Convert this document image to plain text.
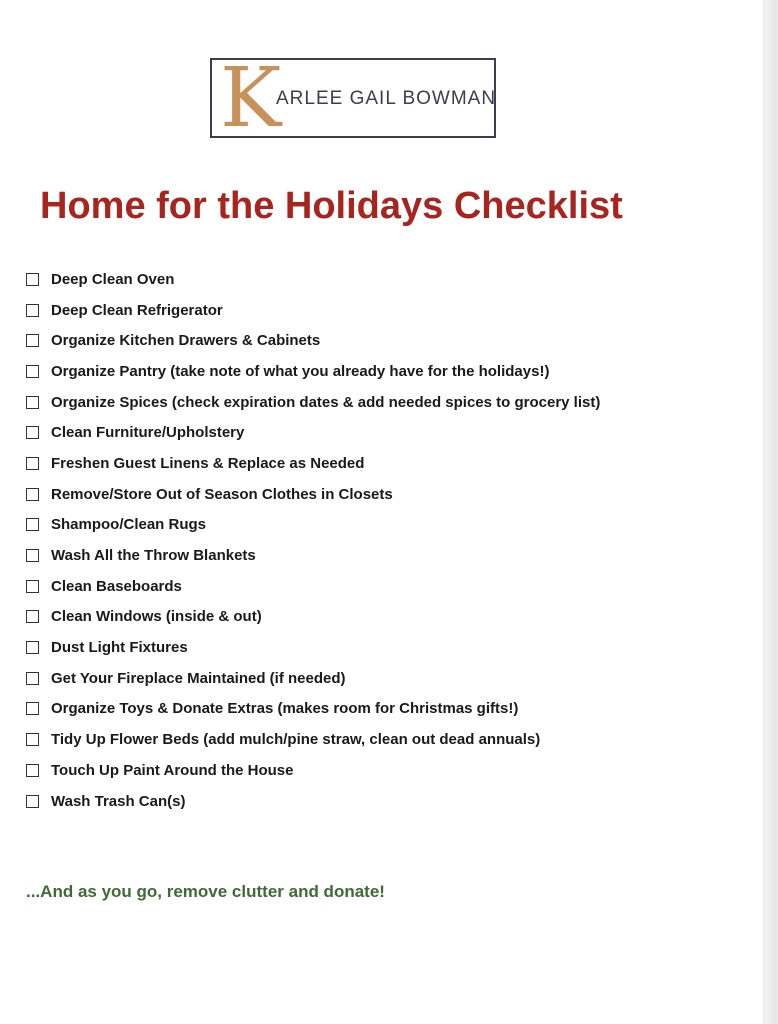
K
ARLEE GAIL BOWMAN
Home for the Holidays Checklist
Deep Clean Oven
Deep Clean Refrigerator
Organize Kitchen Drawers & Cabinets
Organize Pantry (take note of what you already have for the holidays!)
Organize Spices (check expiration dates & add needed spices to grocery list)
Clean Furniture/Upholstery
Freshen Guest Linens & Replace as Needed
Remove/Store Out of Season Clothes in Closets
Shampoo/Clean Rugs
Wash All the Throw Blankets
Clean Baseboards
Clean Windows (inside & out)
Dust Light Fixtures
Get Your Fireplace Maintained (if needed)
Organize Toys & Donate Extras (makes room for Christmas gifts!)
Tidy Up Flower Beds (add mulch/pine straw, clean out dead annuals)
Touch Up Paint Around the House
Wash Trash Can(s)
...And as you go, remove clutter and donate!
